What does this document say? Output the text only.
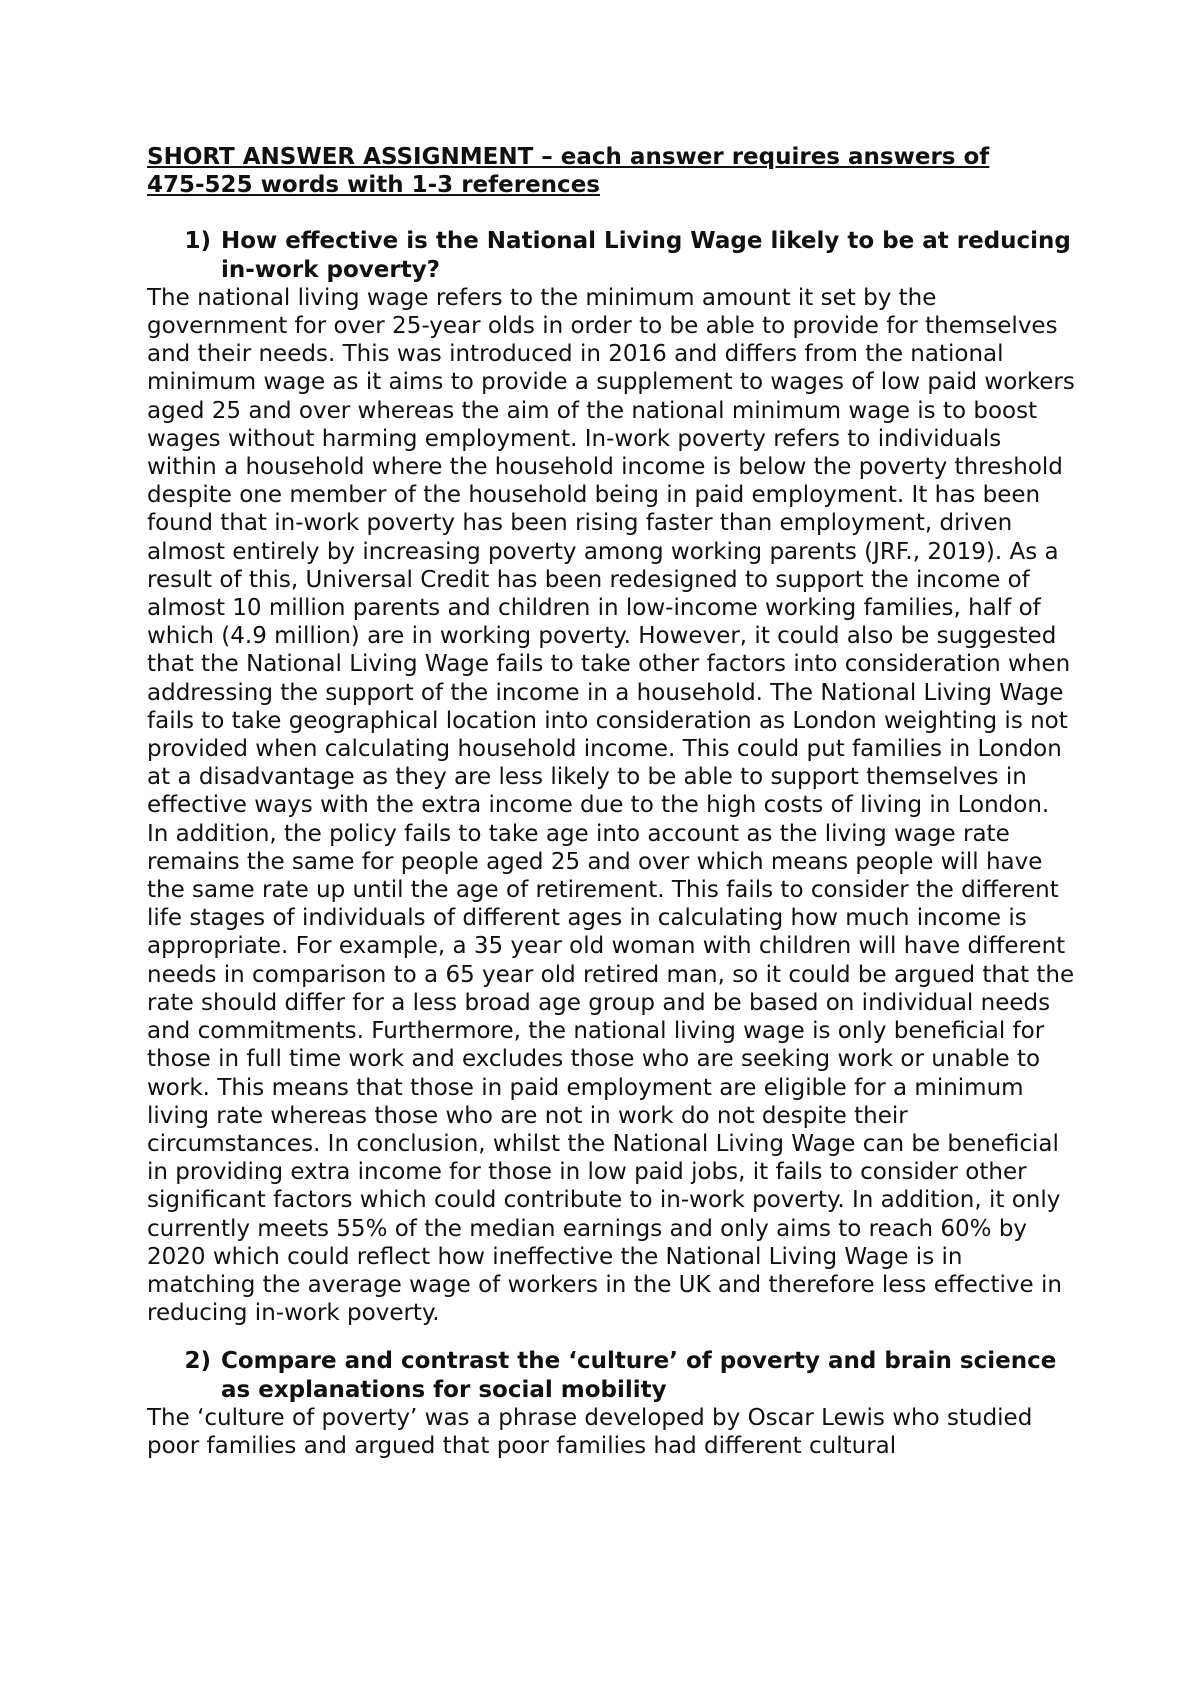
SHORT ANSWER ASSIGNMENT – each answer requires answers of
475-525 words with 1-3 references
1) How effective is the National Living Wage likely to be at reducing in-work poverty?

The national living wage refers to the minimum amount it set by the government for over 25-year olds in order to be able to provide for themselves and their needs. This was introduced in 2016 and differs from the national minimum wage as it aims to provide a supplement to wages of low paid workers aged 25 and over whereas the aim of the national minimum wage is to boost wages without harming employment. In-work poverty refers to individuals within a household where the household income is below the poverty threshold despite one member of the household being in paid employment. It has been found that in-work poverty has been rising faster than employment, driven almost entirely by increasing poverty among working parents (JRF., 2019). As a result of this, Universal Credit has been redesigned to support the income of almost 10 million parents and children in low-income working families, half of which (4.9 million) are in working poverty. However, it could also be suggested that the National Living Wage fails to take other factors into consideration when addressing the support of the income in a household. The National Living Wage fails to take geographical location into consideration as London weighting is not provided when calculating household income. This could put families in London at a disadvantage as they are less likely to be able to support themselves in effective ways with the extra income due to the high costs of living in London. In addition, the policy fails to take age into account as the living wage rate remains the same for people aged 25 and over which means people will have the same rate up until the age of retirement. This fails to consider the different life stages of individuals of different ages in calculating how much income is appropriate. For example, a 35 year old woman with children will have different needs in comparison to a 65 year old retired man, so it could be argued that the rate should differ for a less broad age group and be based on individual needs and commitments. Furthermore, the national living wage is only beneficial for those in full time work and excludes those who are seeking work or unable to work. This means that those in paid employment are eligible for a minimum living rate whereas those who are not in work do not despite their circumstances. In conclusion, whilst the National Living Wage can be beneficial in providing extra income for those in low paid jobs, it fails to consider other significant factors which could contribute to in-work poverty. In addition, it only currently meets 55% of the median earnings and only aims to reach 60% by 2020 which could reflect how ineffective the National Living Wage is in matching the average wage of workers in the UK and therefore less effective in reducing in-work poverty.

2) Compare and contrast the ‘culture’ of poverty and brain science as explanations for social mobility

The ‘culture of poverty’ was a phrase developed by Oscar Lewis who studied poor families and argued that poor families had different cultural
